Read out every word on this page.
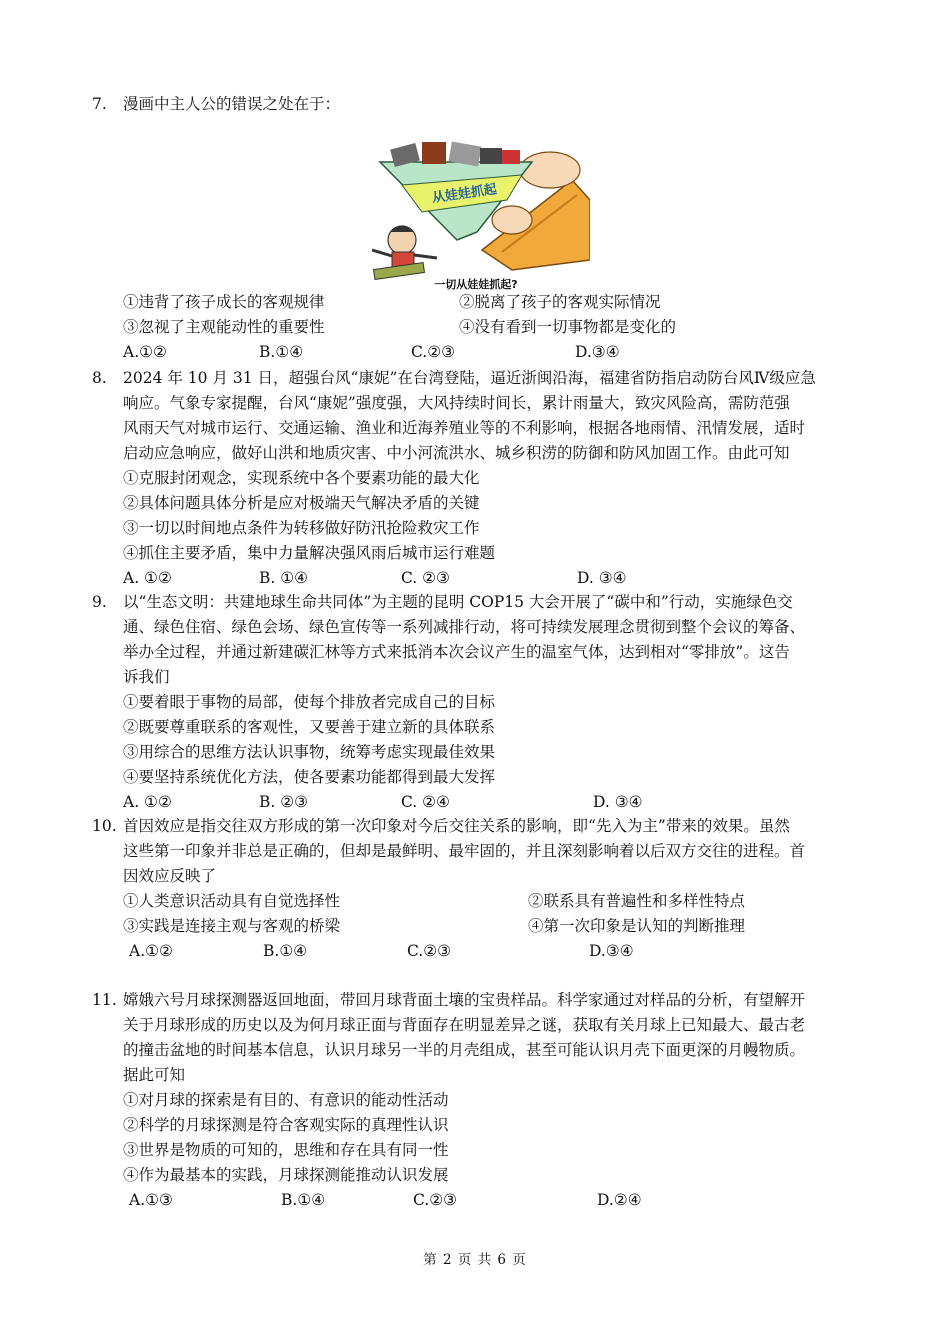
7. 漫画中主人公的错误之处在于：
从娃娃抓起
一切从娃娃抓起?
①违背了孩子成长的客观规律	②脱离了孩子的客观实际情况
③忽视了主观能动性的重要性	④没有看到一切事物都是变化的
A.①②	B.①④	C.②③	D.③④
8. 2024 年 10 月 31 日，超强台风“康妮”在台湾登陆，逼近浙闽沿海，福建省防指启动防台风Ⅳ级应急
响应。气象专家提醒，台风“康妮”强度强，大风持续时间长，累计雨量大，致灾风险高，需防范强
风雨天气对城市运行、交通运输、渔业和近海养殖业等的不利影响，根据各地雨情、汛情发展，适时
启动应急响应，做好山洪和地质灾害、中小河流洪水、城乡积涝的防御和防风加固工作。由此可知
①克服封闭观念，实现系统中各个要素功能的最大化
②具体问题具体分析是应对极端天气解决矛盾的关键
③一切以时间地点条件为转移做好防汛抢险救灾工作
④抓住主要矛盾，集中力量解决强风雨后城市运行难题
A. ①②	B. ①④	C. ②③	D. ③④
9. 以“生态文明：共建地球生命共同体”为主题的昆明 COP15 大会开展了“碳中和”行动，实施绿色交
通、绿色住宿、绿色会场、绿色宣传等一系列减排行动，将可持续发展理念贯彻到整个会议的筹备、
举办全过程，并通过新建碳汇林等方式来抵消本次会议产生的温室气体，达到相对“零排放”。这告
诉我们
①要着眼于事物的局部，使每个排放者完成自己的目标
②既要尊重联系的客观性，又要善于建立新的具体联系
③用综合的思维方法认识事物，统筹考虑实现最佳效果
④要坚持系统优化方法，使各要素功能都得到最大发挥
A. ①②	B. ②③	C. ②④	D. ③④
10. 首因效应是指交往双方形成的第一次印象对今后交往关系的影响，即“先入为主”带来的效果。虽然
这些第一印象并非总是正确的，但却是最鲜明、最牢固的，并且深刻影响着以后双方交往的进程。首
因效应反映了
①人类意识活动具有自觉选择性	②联系具有普遍性和多样性特点
③实践是连接主观与客观的桥梁	④第一次印象是认知的判断推理
A.①②	B.①④	C.②③	D.③④
11. 嫦娥六号月球探测器返回地面，带回月球背面土壤的宝贵样品。科学家通过对样品的分析，有望解开
关于月球形成的历史以及为何月球正面与背面存在明显差异之谜，获取有关月球上已知最大、最古老
的撞击盆地的时间基本信息，认识月球另一半的月壳组成，甚至可能认识月壳下面更深的月幔物质。
据此可知
①对月球的探索是有目的、有意识的能动性活动
②科学的月球探测是符合客观实际的真理性认识
③世界是物质的可知的，思维和存在具有同一性
④作为最基本的实践，月球探测能推动认识发展
A.①③	B.①④	C.②③	D.②④
第 2 页 共 6 页
